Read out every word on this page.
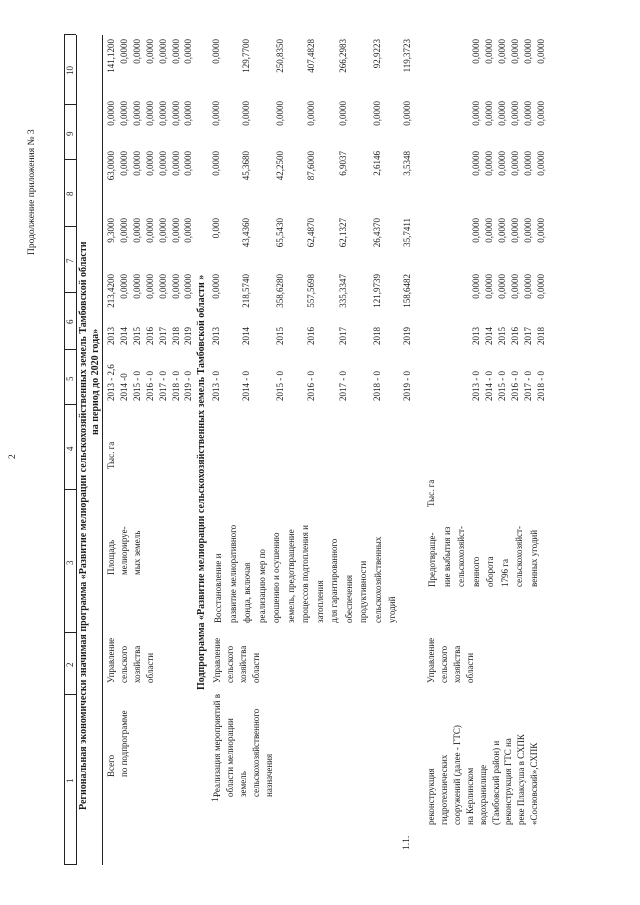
2
Продолжение приложения № 3
1
2
3
4
5
6
7
8
9
10
Региональная экономически значимая программа «Развитие мелиорации сельскохозяйственных земель Тамбовской области на период до 2020 года»
Всего по подпрограмме
Управление сельского хозяйства области
Площадь мелиорируе- мых земель
Тыс. га
2013 - 2,6 2014 -0 2015 - 0 2016 - 0 2017 - 0 2018 - 0 2019 - 0
2013 2014 2015 2016 2017 2018 2019
213,4200 0,0000 0,0000 0,0000 0,0000 0,0000 0,0000
9,3000 0,0000 0,0000 0,0000 0,0000 0,0000 0,0000
63,0000 0,0000 0,0000 0,0000 0,0000 0,0000 0,0000
0,0000 0,0000 0,0000 0,0000 0,0000 0,0000 0,0000
141,1200 0,0000 0,0000 0,0000 0,0000 0,0000 0,0000
Подпрограмма «Развитие мелиорации сельскохозяйственных земель Тамбовской области »
1.
Реализация мероприятий в области мелиорации земель сельскохозяйственного назначения
Управление сельского хозяйства области
Восстановление и развитие мелиоративного фонда, включая реализацию мер по орошению и осушению земель, предотвращение процессов подтопления и затопления для гарантированного обеспечения продуктивности сельскохозяйственных угодий
2013 - 0
2013
0,0000
0,000
0,0000
0,0000
0,0000
2014 - 0
2014
218,5740
43,4360
45,3680
0,0000
129,7700
2015 - 0
2015
358,6280
65,5430
42,2500
0,0000
250,8350
2016 - 0
2016
557,5698
62,4870
87,6000
0,0000
407,4828
2017 - 0
2017
335,3347
62,1327
6,9037
0,0000
266,2983
2018 - 0
2018
121,9739
26,4370
2,6146
0,0000
92,9223
2019 - 0
2019
158,6482
35,7411
3,5348
0,0000
119,3723
1.1.
реконструкция гидротехнических сооружений (далее - ГТС) на Керлинском водохранилище (Тамбовский район) и реконструкция ГТС на реке Плаксуша в СХПК «Сосновский»,СХПК
Управление сельского хозяйства области
Предотвраще- ние выбытия из сельскохозяйст- венного оборота 1796 га сельскохозяйст- венных угодий
Тыс. га
2013 - 0 2014 - 0 2015 - 0 2016 - 0 2017 - 0 2018 - 0
2013 2014 2015 2016 2017 2018
0,0000 0,0000 0,0000 0,0000 0,0000 0,0000
0,0000 0,0000 0,0000 0,0000 0,0000 0,0000
0,0000 0,0000 0,0000 0,0000 0,0000 0,0000
0,0000 0,0000 0,0000 0,0000 0,0000 0,0000
0,0000 0,0000 0,0000 0,0000 0,0000 0,0000
